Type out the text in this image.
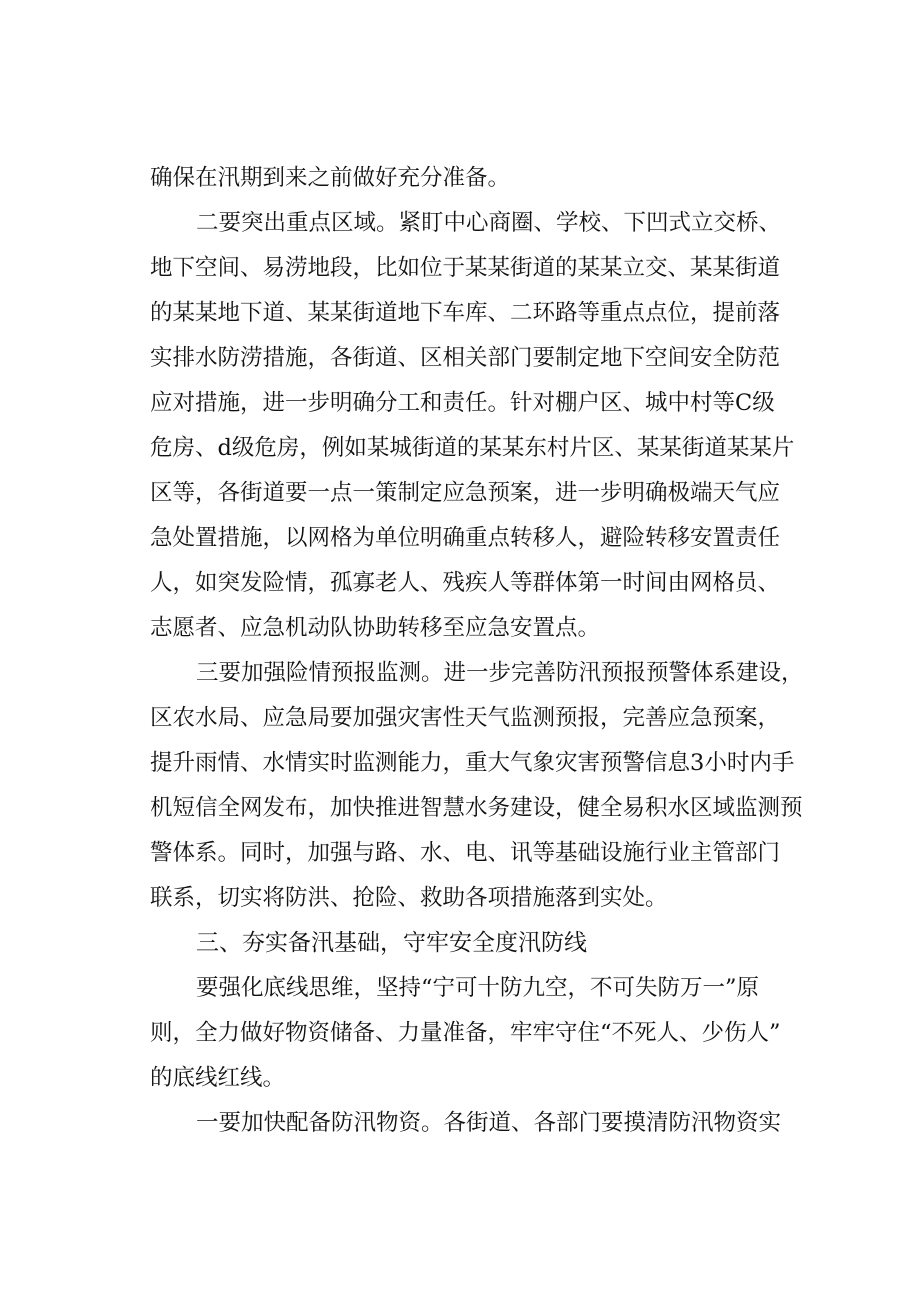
确保在汛期到来之前做好充分准备。
二要突出重点区域。紧盯中心商圈、学校、下凹式立交桥、
地下空间、易涝地段，比如位于某某街道的某某立交、某某街道
的某某地下道、某某街道地下车库、二环路等重点点位，提前落
实排水防涝措施，各街道、区相关部门要制定地下空间安全防范
应对措施，进一步明确分工和责任。针对棚户区、城中村等C级
危房、d级危房，例如某城街道的某某东村片区、某某街道某某片
区等，各街道要一点一策制定应急预案，进一步明确极端天气应
急处置措施，以网格为单位明确重点转移人，避险转移安置责任
人，如突发险情，孤寡老人、残疾人等群体第一时间由网格员、
志愿者、应急机动队协助转移至应急安置点。
三要加强险情预报监测。进一步完善防汛预报预警体系建设，
区农水局、应急局要加强灾害性天气监测预报，完善应急预案，
提升雨情、水情实时监测能力，重大气象灾害预警信息3小时内手
机短信全网发布，加快推进智慧水务建设，健全易积水区域监测预
警体系。同时，加强与路、水、电、讯等基础设施行业主管部门
联系，切实将防洪、抢险、救助各项措施落到实处。
三、夯实备汛基础，守牢安全度汛防线
要强化底线思维，坚持“宁可十防九空，不可失防万一”原
则，全力做好物资储备、力量准备，牢牢守住“不死人、少伤人”
的底线红线。
一要加快配备防汛物资。各街道、各部门要摸清防汛物资实
